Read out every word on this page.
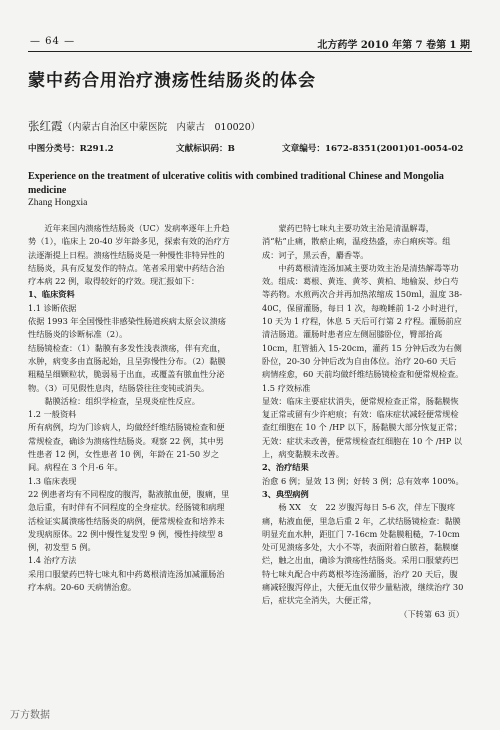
— 64 —	北方药学 2010 年第 7 卷第 1 期
蒙中药合用治疗溃疡性结肠炎的体会
张红霞（内蒙古自治区中蒙医院　内蒙古　010020）
中图分类号：R291.2	文献标识码：B	文章编号：1672-8351(2001)01-0054-02
Experience on the treatment of ulcerative colitis with combined traditional Chinese and Mongolia medicine
Zhang Hongxia

近年来国内溃疡性结肠炎（UC）发病率逐年上升趋势（1），临床上 20-40 岁年龄多见，探索有效的治疗方法逐渐提上日程。溃疡性结肠炎是一种慢性非特异性的结肠炎，具有反复发作的特点。笔者采用蒙中药结合治疗本病 22 例，取得较好的疗效。现汇报如下：

1、临床资料

1.1 诊断依据

依据 1993 年全国慢性非感染性肠道疾病太原会议溃疡性结肠炎的诊断标准（2）。

结肠镜检查：（1）黏膜有多发性浅表溃疡，伴有充血，水肿，病变多由直肠起始，且呈弥慢性分布。（2）黏膜粗糙呈细颗粒状，脆弱易于出血，或覆盖有脓血性分泌物。（3）可见假性息肉，结肠袋往往变钝或消失。

黏膜活检：组织学检查，呈现炎症性反应。

1.2 一般资料

所有病例，均为门诊病人，均做经纤维结肠镜检查和便常规检查，确诊为溃疡性结肠炎。观察 22 例，其中男性患者 12 例，女性患者 10 例，年龄在 21-50 岁之间。病程在 3 个月-6 年。

1.3 临床表现

22 例患者均有不同程度的腹泻，黏液脓血便，腹痛，里急后重，有时伴有不同程度的全身症状。经肠镜和病理活检证实属溃疡性结肠炎的病例，便常规检查和培养未发现病原体。22 例中慢性复发型 9 例，慢性持续型 8 例，初发型 5 例。

1.4 治疗方法

采用口服蒙药巴特七味丸和中药葛根清连汤加减灌肠治疗本病。20-60 天病情治愈。

蒙药巴特七味丸主要功效主治是清温解毒，消“粘”止痛，散瘀止痢，温疫热盛，赤白痢疾等。组成：诃子，黑云香，麝香等。

中药葛根清连汤加减主要功效主治是清热解毒等功效。组成：葛根、黄连、黄芩、黄柏、地榆炭、炒白芍等药物。水煎两次合并再加热浓缩成 150ml，温度 38-40C，保留灌肠，每日 1 次，每晚睡前 1-2 小时进行，10 天为 1 疗程，休息 5 天后可行第 2 疗程。灌肠前应清洁肠道。灌肠时患者应左侧屈膝卧位，臀部抬高 10cm，肛管插入 15-20cm，灌药 15 分钟后改为右侧卧位，20-30 分钟后改为自由体位。治疗 20-60 天后病情痊愈，60 天前均做纤维结肠镜检查和便常规检查。

1.5 疗效标准

显效：临床主要症状消失，便常规检查正常，肠黏膜恢复正常或留有少许疤痕；有效：临床症状减轻便常规检查红细胞在 10 个 /HP 以下，肠黏膜大部分恢复正常；无效：症状未改善，便常规检查红细胞在 10 个 /HP 以上，病变黏膜未改善。

2、治疗结果

治愈 6 例；显效 13 例；好转 3 例；总有效率 100%。

3、典型病例

杨 XX　女　22 岁腹泻每日 5-6 次，伴左下腹疼痛，粘液血便，里急后重 2 年，乙状结肠镜检查：黏膜明显充血水肿，距肛门 7-16cm 处黏膜粗糙，7-10cm 处可见溃疡多处，大小不等，表面附着白脓苔，黏膜糜烂，触之出血，确诊为溃疡性结肠炎。采用口服蒙药巴特七味丸配合中药葛根芩连汤灌肠，治疗 20 天后，腹痛减轻腹泻停止，大便无血仅带少量粘液，继续治疗 30 后，症状完全消失，大便正常，

（下转第 63 页）

万方数据
